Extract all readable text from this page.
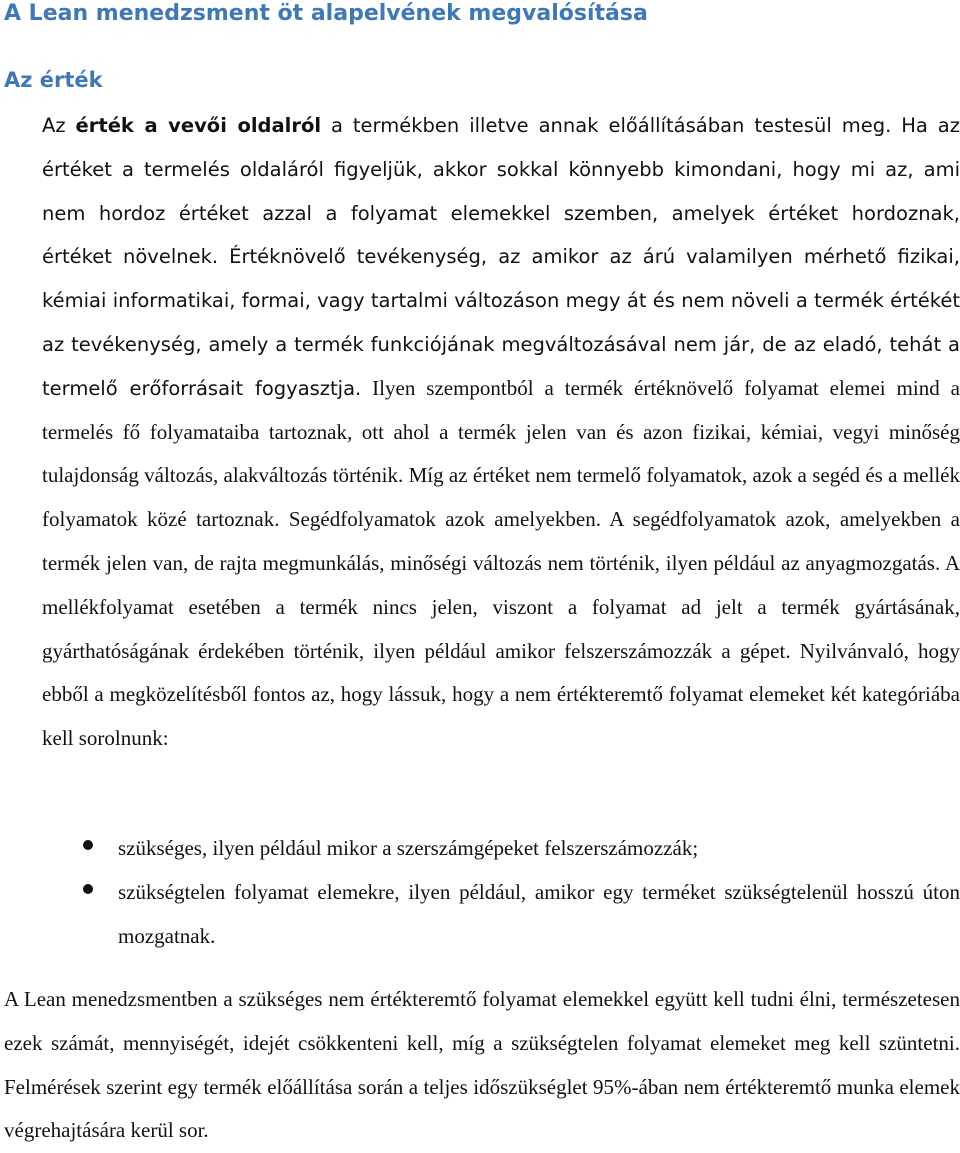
A Lean menedzsment öt alapelvének megvalósítása
Az érték

Az érték a vevői oldalról a termékben illetve annak előállításában testesül meg. Ha az értéket a termelés oldaláról figyeljük, akkor sokkal könnyebb kimondani, hogy mi az, ami nem hordoz értéket azzal a folyamat elemekkel szemben, amelyek értéket hordoznak, értéket növelnek. Értéknövelő tevékenység, az amikor az árú valamilyen mérhető fizikai, kémiai informatikai, formai, vagy tartalmi változáson megy át és nem növeli a termék értékét az tevékenység, amely a termék funkciójának megváltozásával nem jár, de az eladó, tehát a termelő erőforrásait fogyasztja. Ilyen szempontból a termék értéknövelő folyamat elemei mind a termelés fő folyamataiba tartoznak, ott ahol a termék jelen van és azon fizikai, kémiai, vegyi minőség tulajdonság változás, alakváltozás történik. Míg az értéket nem termelő folyamatok, azok a segéd és a mellék folyamatok közé tartoznak. Segédfolyamatok azok amelyekben. A segédfolyamatok azok, amelyekben a termék jelen van, de rajta megmunkálás, minőségi változás nem történik, ilyen például az anyagmozgatás. A mellékfolyamat esetében a termék nincs jelen, viszont a folyamat ad jelt a termék gyártásának, gyárthatóságának érdekében történik, ilyen például amikor felszerszámozzák a gépet. Nyilvánvaló, hogy ebből a megközelítésből fontos az, hogy lássuk, hogy a nem értékteremtő folyamat elemeket két kategóriába kell sorolnunk:

szükséges, ilyen például mikor a szerszámgépeket felszerszámozzák;
szükségtelen folyamat elemekre, ilyen például, amikor egy terméket szükségtelenül hosszú úton mozgatnak.

A Lean menedzsmentben a szükséges nem értékteremtő folyamat elemekkel együtt kell tudni élni, természetesen ezek számát, mennyiségét, idejét csökkenteni kell, míg a szükségtelen folyamat elemeket meg kell szüntetni. Felmérések szerint egy termék előállítása során a teljes időszükséglet 95%-ában nem értékteremtő munka elemek végrehajtására kerül sor.
